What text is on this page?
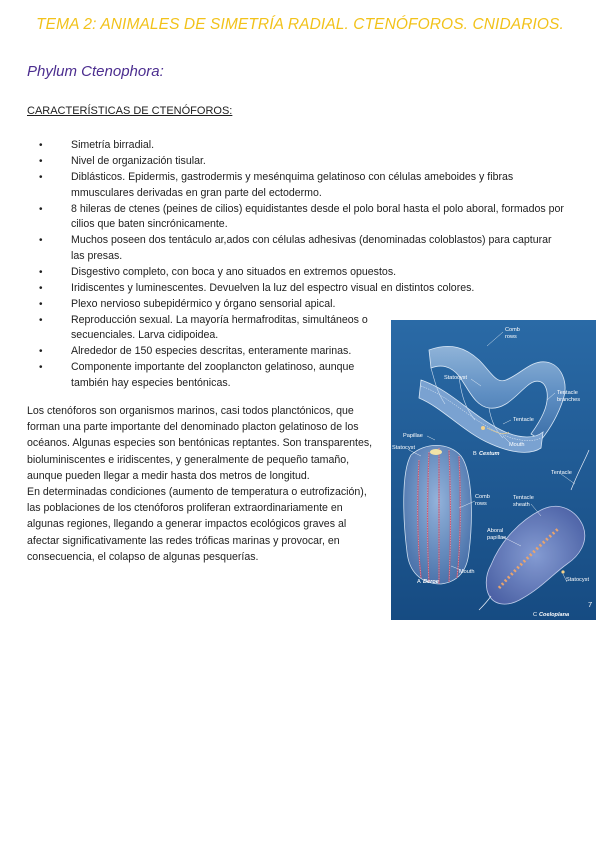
TEMA 2: ANIMALES DE SIMETRÍA RADIAL. CTENÓFOROS. CNIDARIOS.
Phylum Ctenophora:
CARACTERÍSTICAS DE CTENÓFOROS:
•	Simetría birradial.
•	Nivel de organización tisular.
•	Diblásticos. Epidermis, gastrodermis y mesénquima gelatinoso con células ameboides y fibras mmusculares derivadas en gran parte del ectodermo.
•	8 hileras de ctenes (peines de cilios) equidistantes desde el polo boral hasta el polo aboral, formados por cilios que baten sincrónicamente.
•	Muchos poseen dos tentáculo ar,ados con células adhesivas (denominadas coloblastos) para capturar las presas.
•	Disgestivo completo, con boca y ano situados en extremos opuestos.
•	Iridiscentes y luminescentes. Devuelven la luz del espectro visual en distintos colores.
•	Plexo nervioso subepidérmico y órgano sensorial apical.
•	Reproducción sexual. La mayoría hermafroditas, simultáneos o secuenciales. Larva cidipoidea.
•	Alrededor de 150 especies descritas, enteramente marinas.
•	Componente importante del zooplancton gelatinoso, aunque también hay especies bentónicas.

Los ctenóforos son organismos marinos, casi todos planctónicos, que forman una parte importante del denominado placton gelatinoso de los océanos. Algunas especies son bentónicas reptantes. Son transparentes, bioluminiscentes e iridiscentes, y generalmente de pequeño tamaño, aunque pueden llegar a medir hasta dos metros de longitud.

En determinadas condiciones (aumento de temperatura o eutrofización), las poblaciones de los ctenóforos proliferan extraordinariamente en algunas regiones, llegando a generar impactos ecológicos graves al afectar significativamente las redes tróficas marinas y provocar, en consecuencia, el colapso de algunas pesquerías.

Comb
rows
Statocyst
Tentacle
branches
Tentacle
Papillae
Statocyst	Mouth
B Cestum
Tentacle
Comb
rows
Tentacle
sheath
Aboral
papillae
Mouth
Statocyst
A Beroe
C Coeloplana
7
